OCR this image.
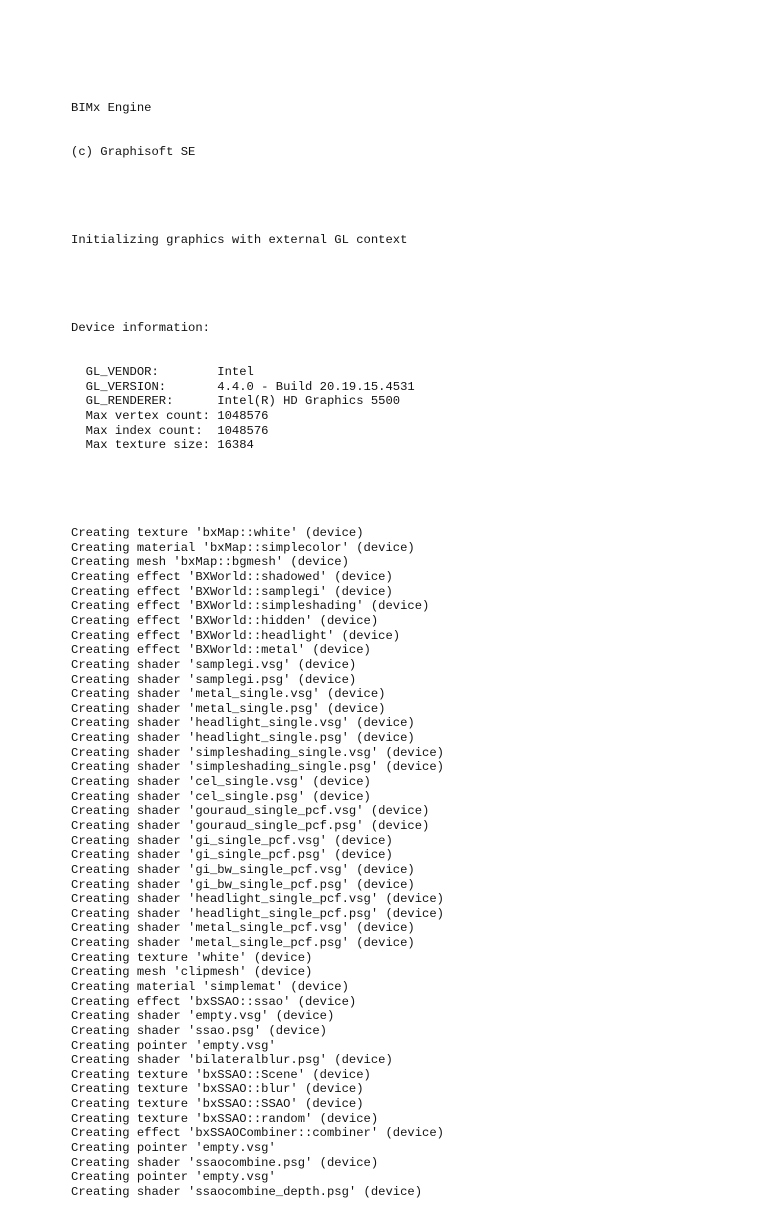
BIMx Engine

(c) Graphisoft SE

Initializing graphics with external GL context

Device information:

GL_VENDOR:	Intel
GL_VERSION:	4.4.0 - Build 20.19.15.4531
GL_RENDERER:	Intel(R) HD Graphics 5500
Max vertex count: 1048576
Max index count: 1048576
Max texture size: 16384

Creating texture 'bxMap::white' (device)
Creating material 'bxMap::simplecolor' (device)
Creating mesh 'bxMap::bgmesh' (device)
Creating effect 'BXWorld::shadowed' (device)
Creating effect 'BXWorld::samplegi' (device)
Creating effect 'BXWorld::simpleshading' (device)
Creating effect 'BXWorld::hidden' (device)
Creating effect 'BXWorld::headlight' (device)
Creating effect 'BXWorld::metal' (device)
Creating shader 'samplegi.vsg' (device)
Creating shader 'samplegi.psg' (device)
Creating shader 'metal_single.vsg' (device)
Creating shader 'metal_single.psg' (device)
Creating shader 'headlight_single.vsg' (device)
Creating shader 'headlight_single.psg' (device)
Creating shader 'simpleshading_single.vsg' (device)
Creating shader 'simpleshading_single.psg' (device)
Creating shader 'cel_single.vsg' (device)
Creating shader 'cel_single.psg' (device)
Creating shader 'gouraud_single_pcf.vsg' (device)
Creating shader 'gouraud_single_pcf.psg' (device)
Creating shader 'gi_single_pcf.vsg' (device)
Creating shader 'gi_single_pcf.psg' (device)
Creating shader 'gi_bw_single_pcf.vsg' (device)
Creating shader 'gi_bw_single_pcf.psg' (device)
Creating shader 'headlight_single_pcf.vsg' (device)
Creating shader 'headlight_single_pcf.psg' (device)
Creating shader 'metal_single_pcf.vsg' (device)
Creating shader 'metal_single_pcf.psg' (device)
Creating texture 'white' (device)
Creating mesh 'clipmesh' (device)
Creating material 'simplemat' (device)
Creating effect 'bxSSAO::ssao' (device)
Creating shader 'empty.vsg' (device)
Creating shader 'ssao.psg' (device)
Creating pointer 'empty.vsg'
Creating shader 'bilateralblur.psg' (device)
Creating texture 'bxSSAO::Scene' (device)
Creating texture 'bxSSAO::blur' (device)
Creating texture 'bxSSAO::SSAO' (device)
Creating texture 'bxSSAO::random' (device)
Creating effect 'bxSSAOCombiner::combiner' (device)
Creating pointer 'empty.vsg'
Creating shader 'ssaocombine.psg' (device)
Creating pointer 'empty.vsg'
Creating shader 'ssaocombine_depth.psg' (device)
